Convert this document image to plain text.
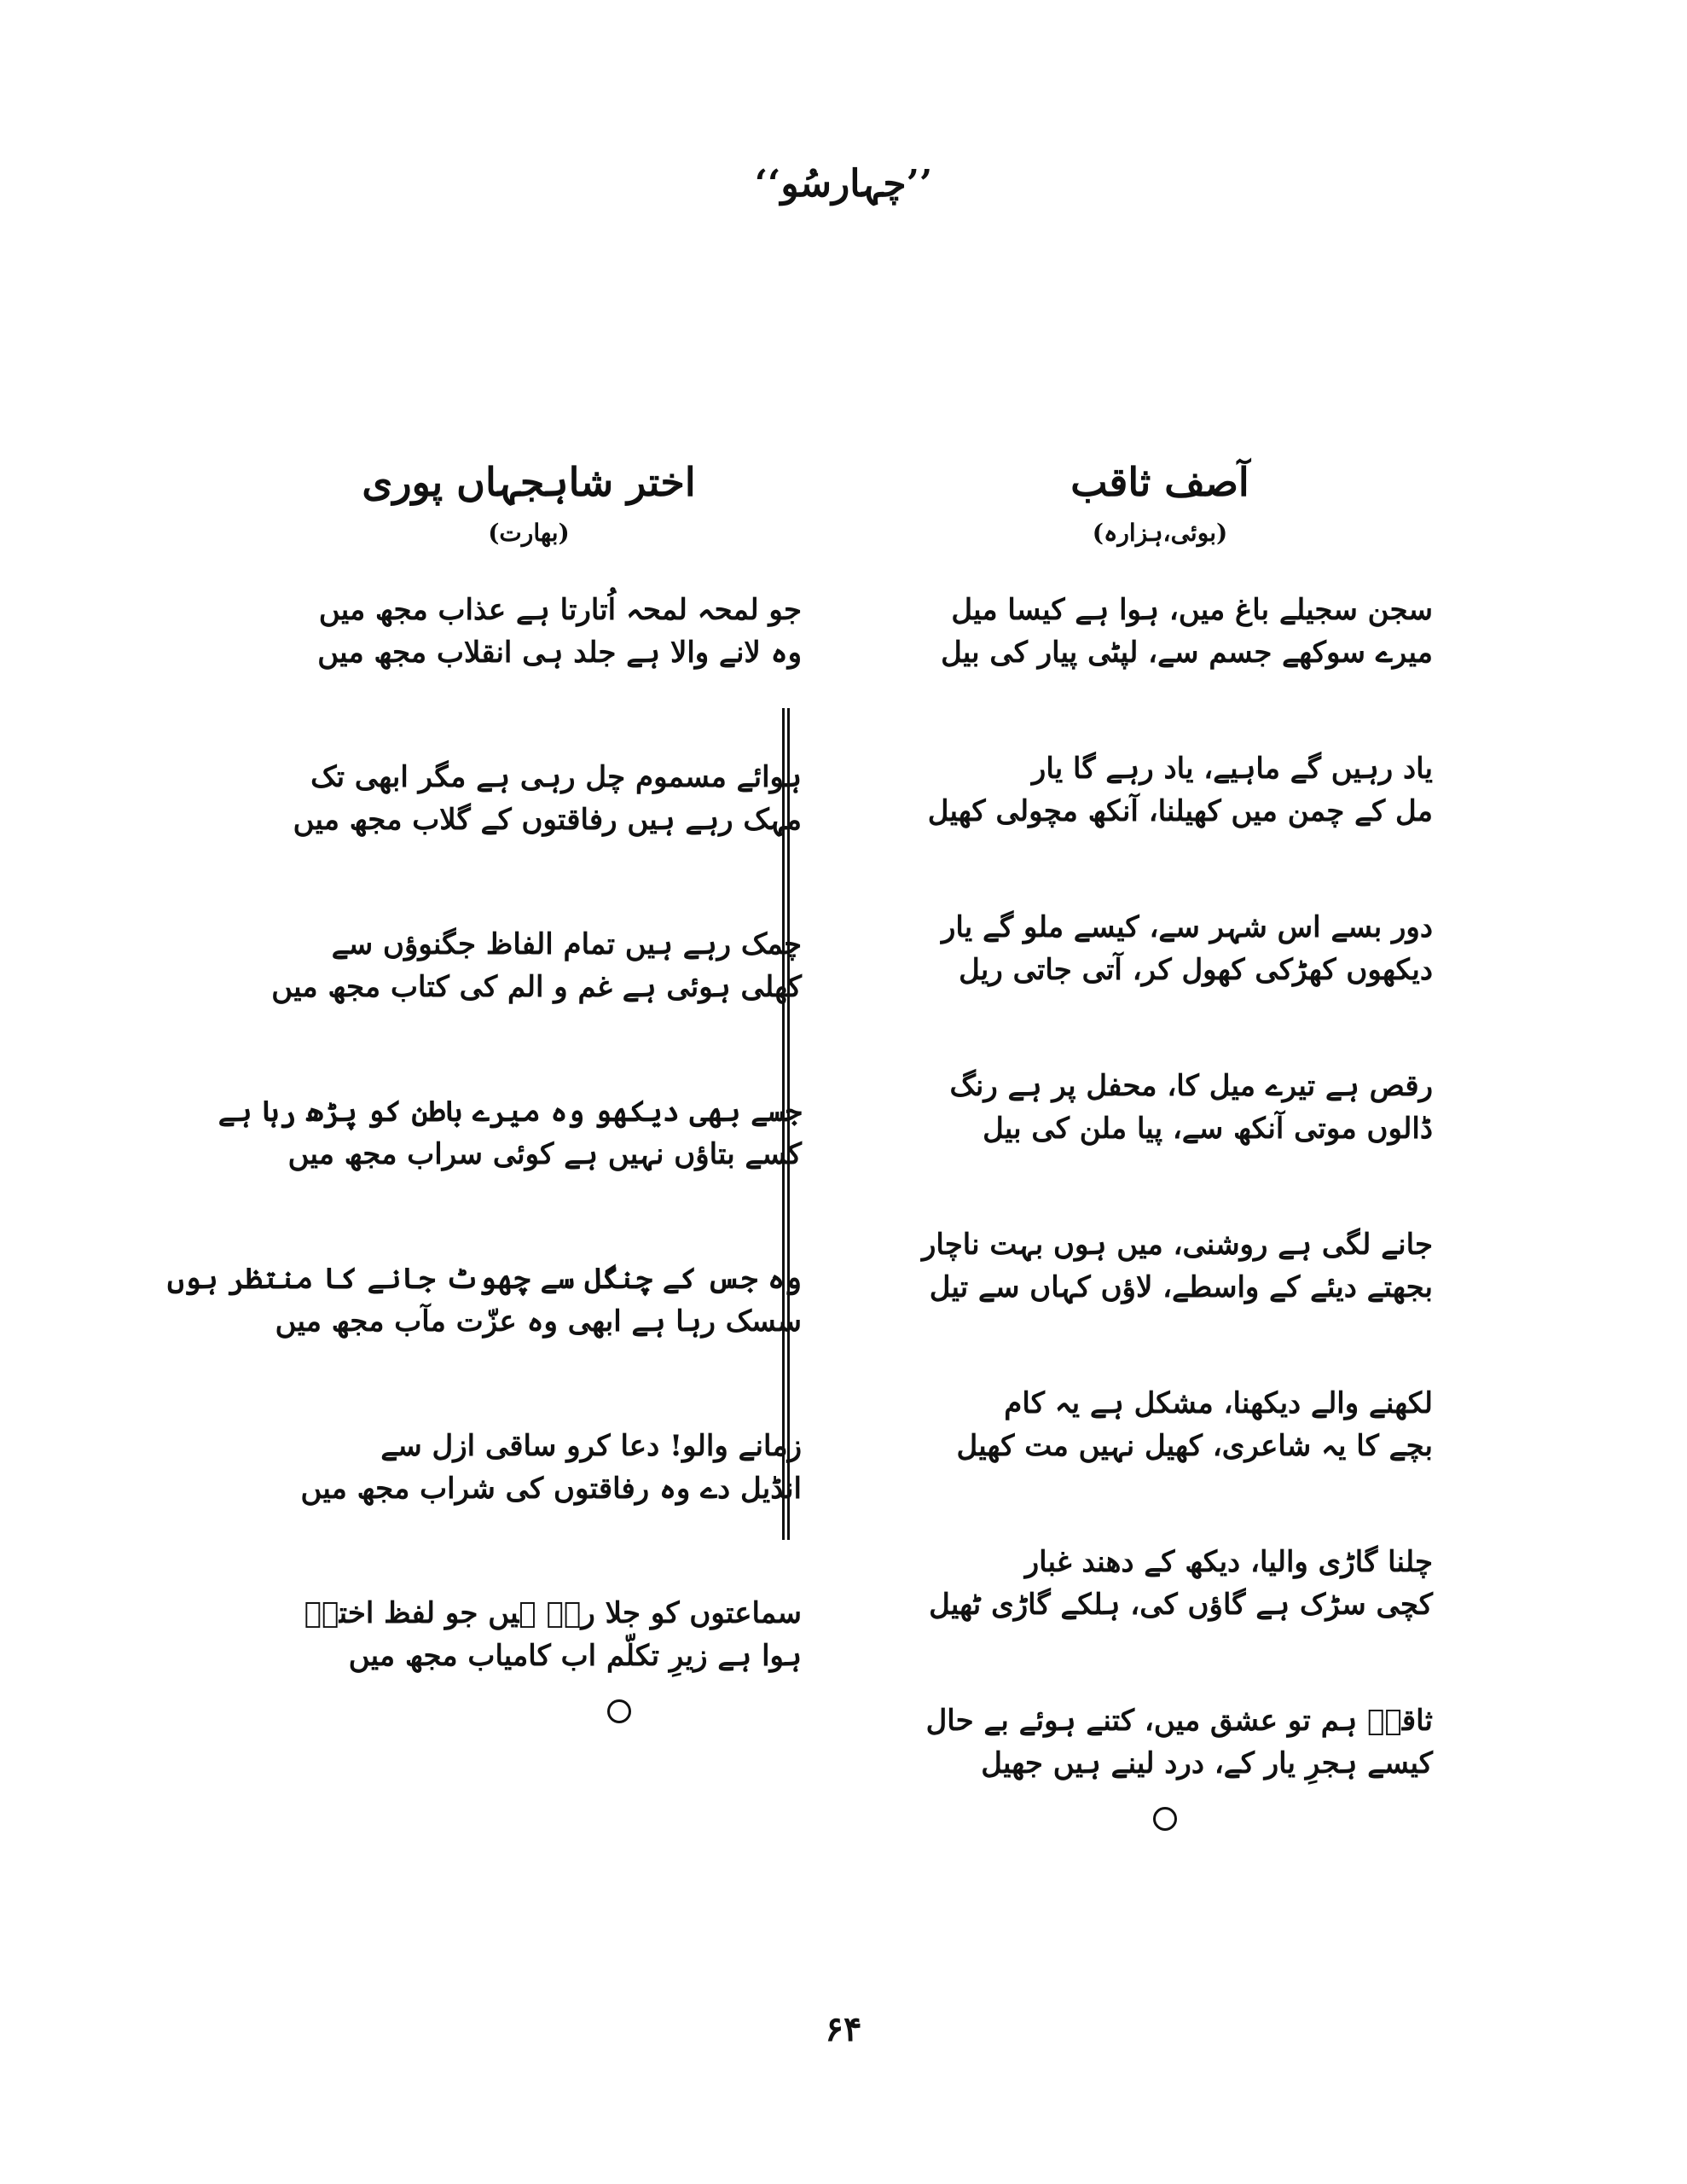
’’چہارسُو‘‘
آصف ثاقب
(بوئی،ہزارہ)
سجن سجیلے باغ میں، ہوا ہے کیسا میل
میرے سوکھے جسم سے، لپٹی پیار کی بیل
یاد رہیں گے ماہیے، یاد رہے گا یار
مل کے چمن میں کھیلنا، آنکھ مچولی کھیل
دور بسے اس شہر سے، کیسے ملو گے یار
دیکھوں کھڑکی کھول کر، آتی جاتی ریل
رقص ہے تیرے میل کا، محفل پر ہے رنگ
ڈالوں موتی آنکھ سے، پیا ملن کی بیل
جانے لگی ہے روشنی، میں ہوں بہت ناچار
بجھتے دیئے کے واسطے، لاؤں کہاں سے تیل
لکھنے والے دیکھنا، مشکل ہے یہ کام
بچے کا یہ شاعری، کھیل نہیں مت کھیل
چلنا گاڑی والیا، دیکھ کے دھند غبار
کچی سڑک ہے گاؤں کی، ہلکے گاڑی ٹھیل
ثاقبؔ ہم تو عشق میں، کتنے ہوئے بے حال
کیسے ہجرِ یار کے، درد لینے ہیں جھیل
اختر شاہجہاں پوری
(بھارت)
جو لمحہ لمحہ اُتارتا ہے عذاب مجھ میں
وہ لانے والا ہے جلد ہی انقلاب مجھ میں
ہوائے مسموم چل رہی ہے مگر ابھی تک
مہک رہے ہیں رفاقتوں کے گلاب مجھ میں
چمک رہے ہیں تمام الفاظ جگنوؤں سے
کھلی ہوئی ہے غم و الم کی کتاب مجھ میں
جسے بھی دیکھو وہ میرے باطن کو پڑھ رہا ہے
کسے بتاؤں نہیں ہے کوئی سراب مجھ میں
وہ جس کے چنگل سے چھوٹ جانے کا منتظر ہوں
سسک رہا ہے ابھی وہ عزّت مآب مجھ میں
زمانے والو! دعا کرو ساقی ازل سے
انڈیل دے وہ رفاقتوں کی شراب مجھ میں
سماعتوں کو جلا رہے ہیں جو لفظ اخترؔ
ہوا ہے زیرِ تکلّم اب کامیاب مجھ میں
۶۴
